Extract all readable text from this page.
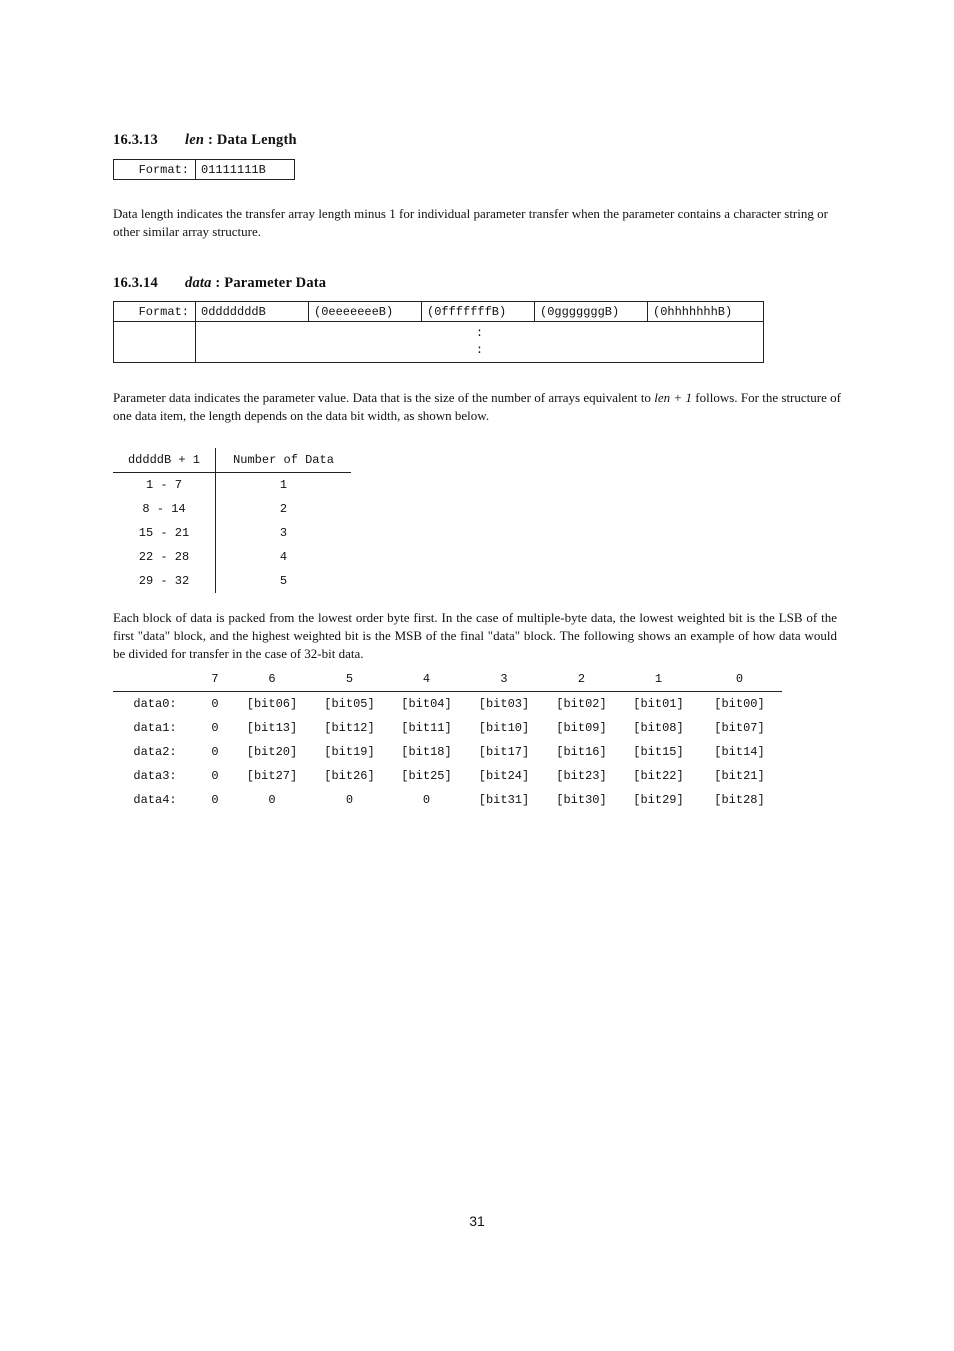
16.3.13 len : Data Length
Format:	01111111B

Data length indicates the transfer array length minus 1 for individual parameter transfer when the parameter contains a character string or other similar array structure.

16.3.14 data : Parameter Data
Format:	0dddddddB	(0eeeeeeeB)	(0fffffffB)	(0gggggggB)	(0hhhhhhhB)

	:
:				

Parameter data indicates the parameter value. Data that is the size of the number of arrays equivalent to len + 1 follows. For the structure of one data item, the length depends on the data bit width, as shown below.

dddddB + 1	Number of Data
1 - 7	1
8 - 14	2
15 - 21	3
22 - 28	4
29 - 32	5

Each block of data is packed from the lowest order byte first. In the case of multiple-byte data, the lowest weighted bit is the LSB of the first "data" block, and the highest weighted bit is the MSB of the final "data" block. The following shows an example of how data would be divided for transfer in the case of 32-bit data.

	7	6	5	4	3	2	1	0
data0:	0	[bit06]	[bit05]	[bit04]	[bit03]	[bit02]	[bit01]	[bit00]
data1:	0	[bit13]	[bit12]	[bit11]	[bit10]	[bit09]	[bit08]	[bit07]
data2:	0	[bit20]	[bit19]	[bit18]	[bit17]	[bit16]	[bit15]	[bit14]
data3:	0	[bit27]	[bit26]	[bit25]	[bit24]	[bit23]	[bit22]	[bit21]
data4:	0	0	0	0	[bit31]	[bit30]	[bit29]	[bit28]
31
